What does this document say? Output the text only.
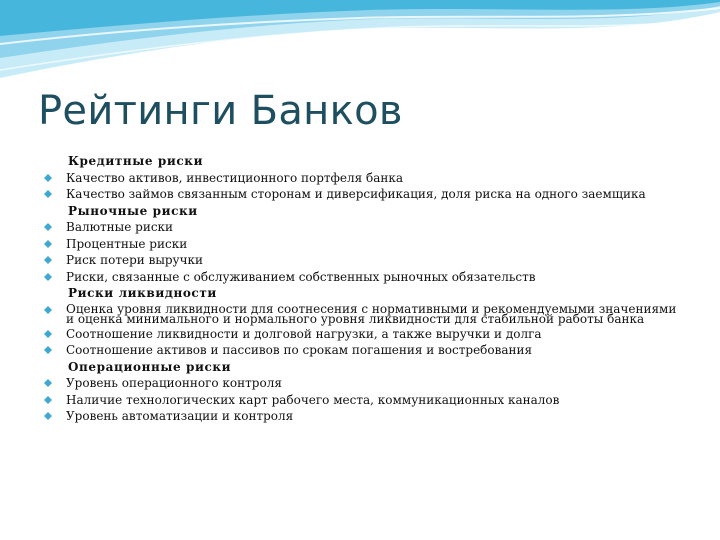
Рейтинги Банков
Кредитные риски
Качество активов, инвестиционного портфеля банка
Качество займов связанным сторонам и диверсификация, доля риска на одного заемщика
Рыночные риски
Валютные риски
Процентные риски
Риск потери выручки
Риски, связанные с обслуживанием собственных рыночных обязательств
Риски ликвидности
Оценка уровня ликвидности для соотнесения с нормативными и рекомендуемыми значениями и оценка минимального и нормального уровня ликвидности для стабильной работы банка
Соотношение ликвидности и долговой нагрузки, а также выручки и долга
Соотношение активов и пассивов по срокам погашения и востребования
Операционные риски
Уровень операционного контроля
Наличие технологических карт рабочего места, коммуникационных каналов
Уровень автоматизации и контроля
